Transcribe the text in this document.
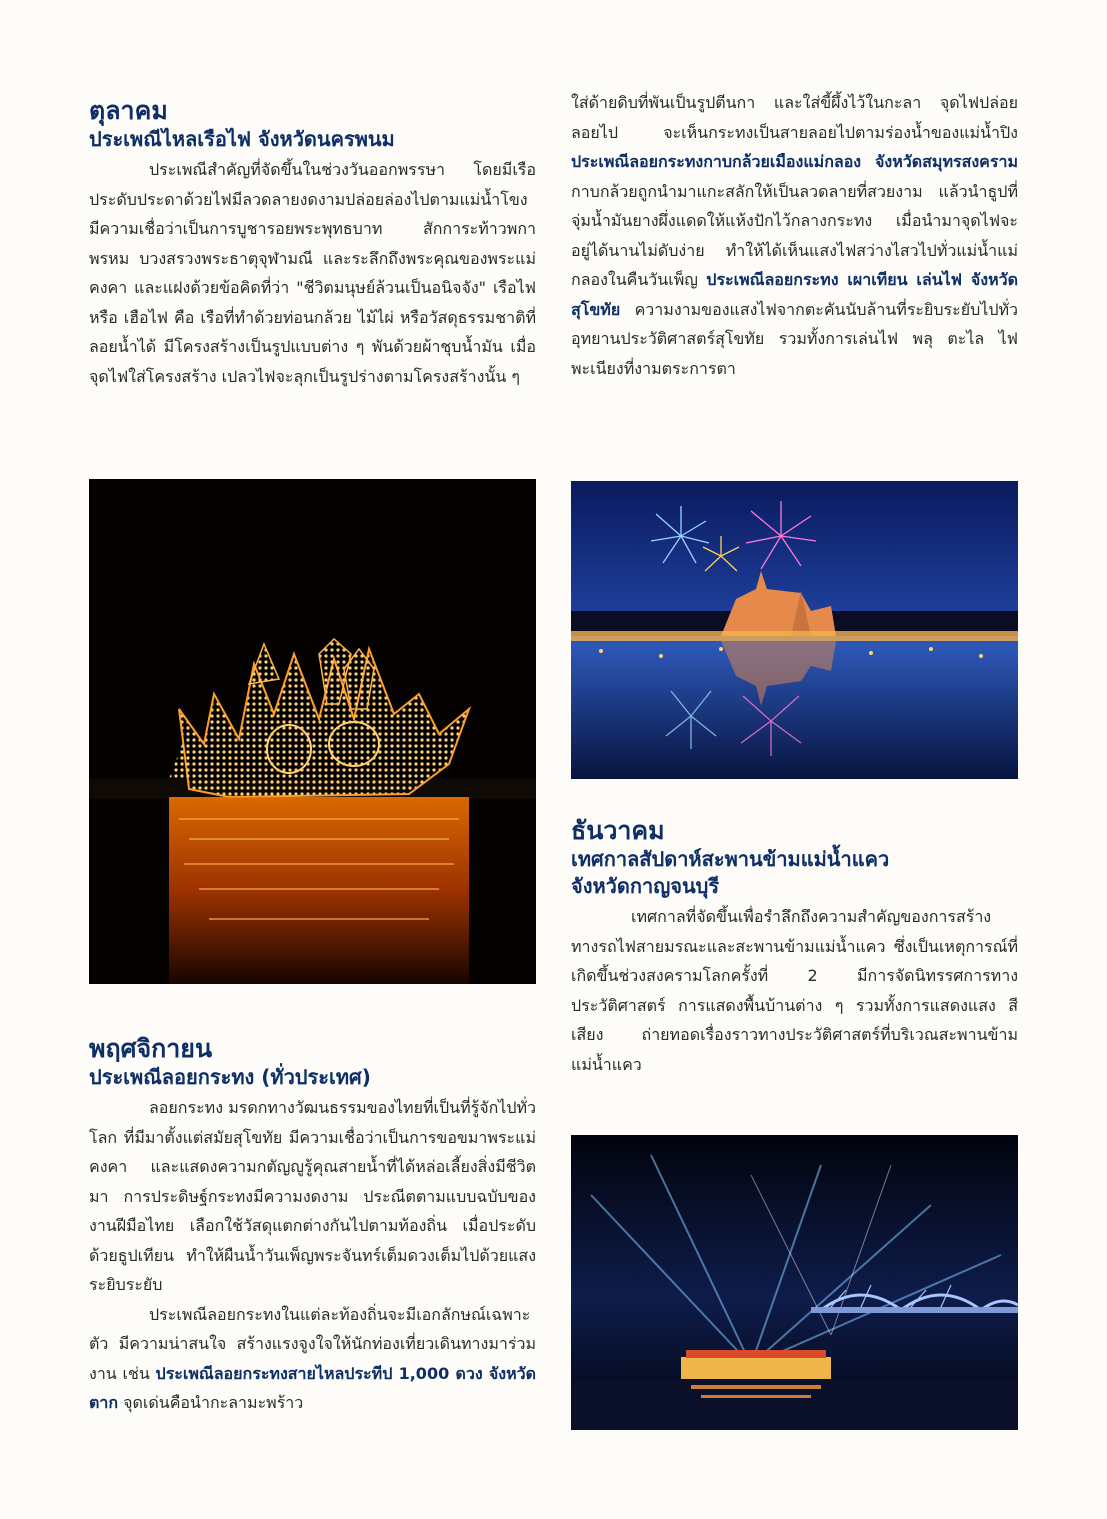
ตุลาคม
ประเพณีไหลเรือไฟ จังหวัดนครพนม

ประเพณีสำคัญที่จัดขึ้นในช่วงวันออกพรรษา โดยมีเรือประดับประดาด้วยไฟมีลวดลายงดงามปล่อยล่องไปตามแม่น้ำโขง มีความเชื่อว่าเป็นการบูชารอยพระพุทธบาท สักการะท้าวพกาพรหม บวงสรวงพระธาตุจุฬามณี และระลึกถึงพระคุณของพระแม่คงคา และแฝงด้วยข้อคิดที่ว่า "ชีวิตมนุษย์ล้วนเป็นอนิจจัง" เรือไฟ หรือ เฮือไฟ คือ เรือที่ทำด้วยท่อนกล้วย ไม้ไผ่ หรือวัสดุธรรมชาติที่ลอยน้ำได้ มีโครงสร้างเป็นรูปแบบต่าง ๆ พันด้วยผ้าชุบน้ำมัน เมื่อจุดไฟใส่โครงสร้าง เปลวไฟจะลุกเป็นรูปร่างตามโครงสร้างนั้น ๆ

พฤศจิกายน
ประเพณีลอยกระทง (ทั่วประเทศ)

ลอยกระทง มรดกทางวัฒนธรรมของไทยที่เป็นที่รู้จักไปทั่วโลก ที่มีมาตั้งแต่สมัยสุโขทัย มีความเชื่อว่าเป็นการขอขมาพระแม่คงคา และแสดงความกตัญญูรู้คุณสายน้ำที่ได้หล่อเลี้ยงสิ่งมีชีวิตมา การประดิษฐ์กระทงมีความงดงาม ประณีตตามแบบฉบับของงานฝีมือไทย เลือกใช้วัสดุแตกต่างกันไปตามท้องถิ่น เมื่อประดับด้วยธูปเทียน ทำให้ผืนน้ำวันเพ็ญพระจันทร์เต็มดวงเต็มไปด้วยแสงระยิบระยับ

ประเพณีลอยกระทงในแต่ละท้องถิ่นจะมีเอกลักษณ์เฉพาะตัว มีความน่าสนใจ สร้างแรงจูงใจให้นักท่องเที่ยวเดินทางมาร่วมงาน เช่น ประเพณีลอยกระทงสายไหลประทีป 1,000 ดวง จังหวัดตาก จุดเด่นคือนำกะลามะพร้าว

ใส่ด้ายดิบที่พันเป็นรูปตีนกา และใส่ขี้ผึ้งไว้ในกะลา จุดไฟปล่อยลอยไป จะเห็นกระทงเป็นสายลอยไปตามร่องน้ำของแม่น้ำปิง ประเพณีลอยกระทงกาบกล้วยเมืองแม่กลอง จังหวัดสมุทรสงคราม กาบกล้วยถูกนำมาแกะสลักให้เป็นลวดลายที่สวยงาม แล้วนำธูปที่จุ่มน้ำมันยางผึ่งแดดให้แห้งปักไว้กลางกระทง เมื่อนำมาจุดไฟจะอยู่ได้นานไม่ดับง่าย ทำให้ได้เห็นแสงไฟสว่างไสวไปทั่วแม่น้ำแม่กลองในคืนวันเพ็ญ ประเพณีลอยกระทง เผาเทียน เล่นไฟ จังหวัดสุโขทัย ความงามของแสงไฟจากตะคันนับล้านที่ระยิบระยับไปทั่วอุทยานประวัติศาสตร์สุโขทัย รวมทั้งการเล่นไฟ พลุ ตะไล ไฟพะเนียงที่งามตระการตา

ธันวาคม
เทศกาลสัปดาห์สะพานข้ามแม่น้ำแคว
จังหวัดกาญจนบุรี

เทศกาลที่จัดขึ้นเพื่อรำลึกถึงความสำคัญของการสร้างทางรถไฟสายมรณะและสะพานข้ามแม่น้ำแคว ซึ่งเป็นเหตุการณ์ที่เกิดขึ้นช่วงสงครามโลกครั้งที่ 2 มีการจัดนิทรรศการทางประวัติศาสตร์ การแสดงพื้นบ้านต่าง ๆ รวมทั้งการแสดงแสง สี เสียง ถ่ายทอดเรื่องราวทางประวัติศาสตร์ที่บริเวณสะพานข้ามแม่น้ำแคว
